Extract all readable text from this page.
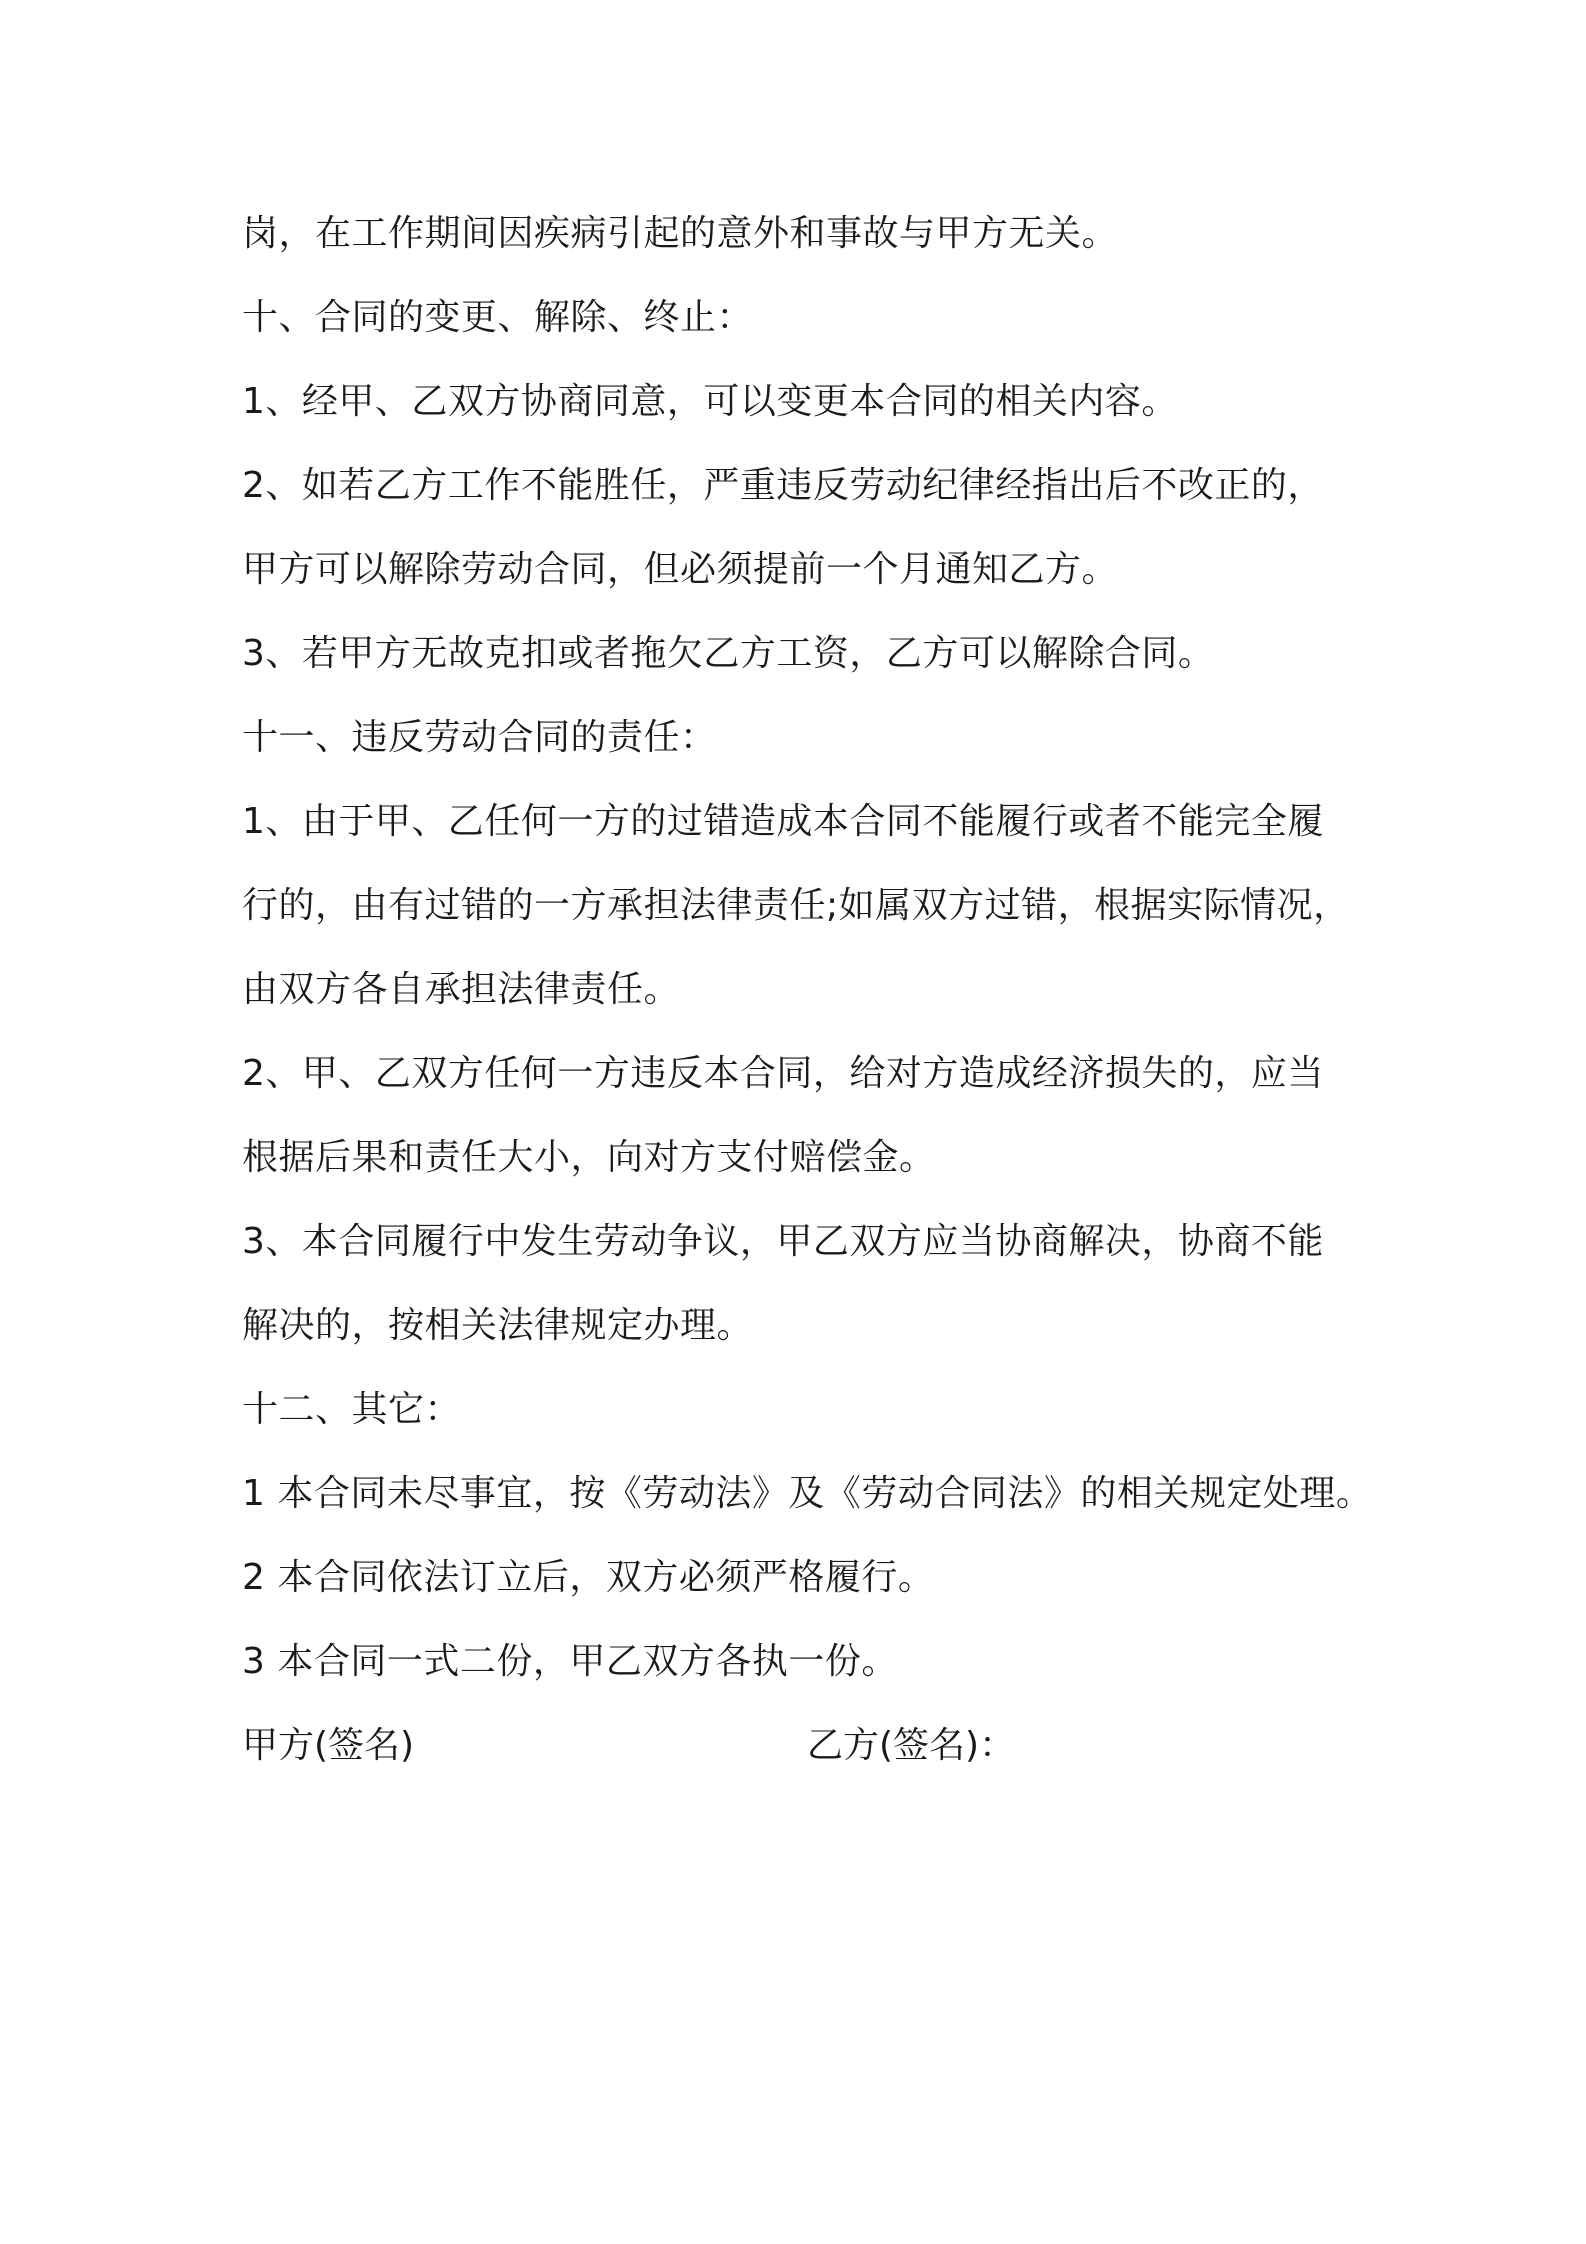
岗，在工作期间因疾病引起的意外和事故与甲方无关。
十、合同的变更、解除、终止：
1、经甲、乙双方协商同意，可以变更本合同的相关内容。
2、如若乙方工作不能胜任，严重违反劳动纪律经指出后不改正的，
甲方可以解除劳动合同，但必须提前一个月通知乙方。
3、若甲方无故克扣或者拖欠乙方工资，乙方可以解除合同。
十一、违反劳动合同的责任：
1、由于甲、乙任何一方的过错造成本合同不能履行或者不能完全履
行的，由有过错的一方承担法律责任;如属双方过错，根据实际情况，
由双方各自承担法律责任。
2、甲、乙双方任何一方违反本合同，给对方造成经济损失的，应当
根据后果和责任大小，向对方支付赔偿金。
3、本合同履行中发生劳动争议，甲乙双方应当协商解决，协商不能
解决的，按相关法律规定办理。
十二、其它：
1 本合同未尽事宜，按《劳动法》及《劳动合同法》的相关规定处理。
2 本合同依法订立后，双方必须严格履行。
3 本合同一式二份，甲乙双方各执一份。
甲方(签名)	乙方(签名)：
